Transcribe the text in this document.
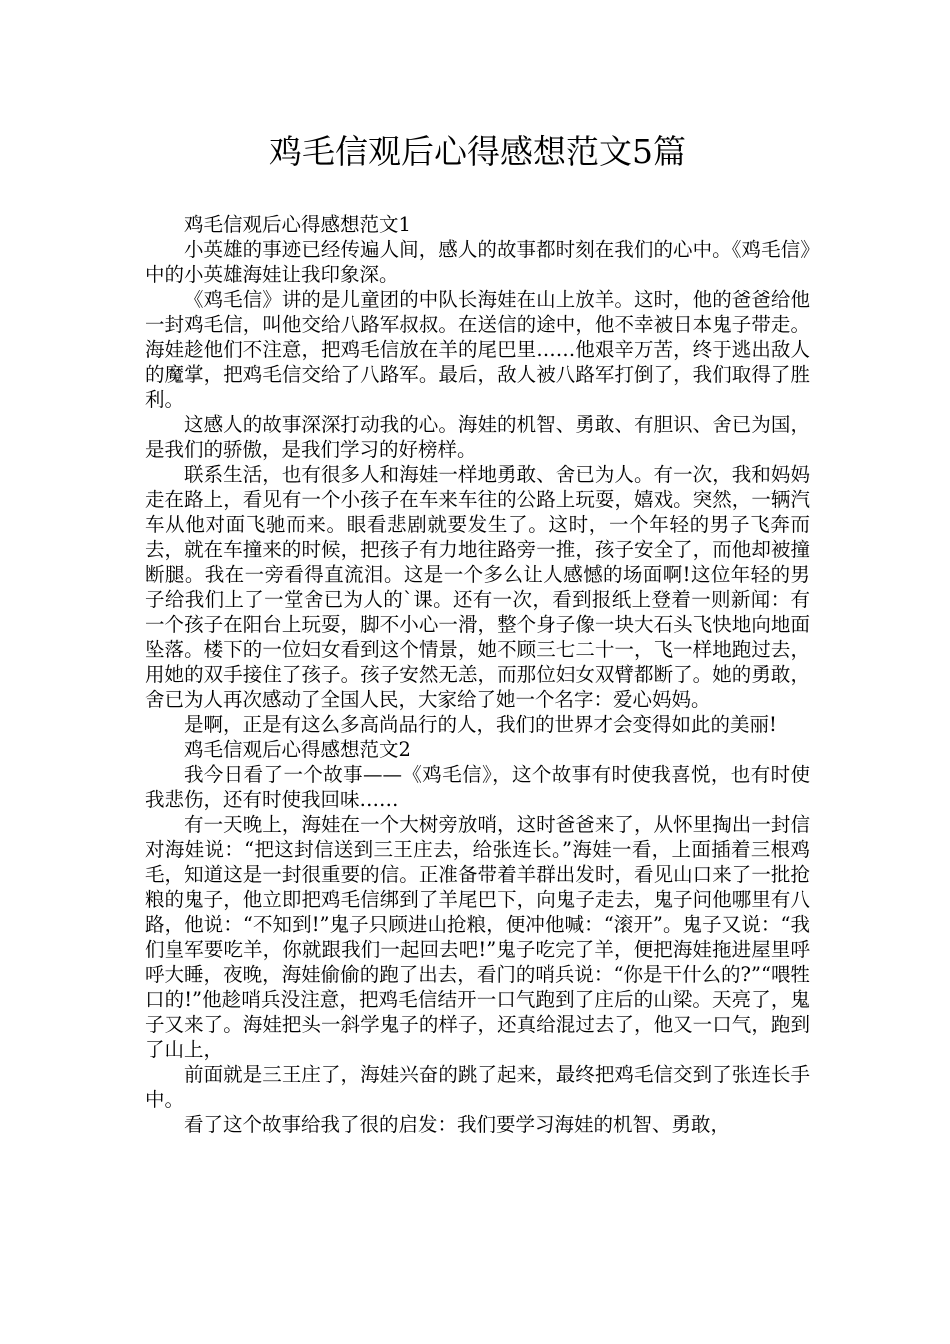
鸡毛信观后心得感想范文5篇

鸡毛信观后心得感想范文1

小英雄的事迹已经传遍人间，感人的故事都时刻在我们的心中。《鸡毛信》中的小英雄海娃让我印象深。

《鸡毛信》讲的是儿童团的中队长海娃在山上放羊。这时，他的爸爸给他一封鸡毛信，叫他交给八路军叔叔。在送信的途中，他不幸被日本鬼子带走。海娃趁他们不注意，把鸡毛信放在羊的尾巴里……他艰辛万苦，终于逃出敌人的魔掌，把鸡毛信交给了八路军。最后，敌人被八路军打倒了，我们取得了胜利。

这感人的故事深深打动我的心。海娃的机智、勇敢、有胆识、舍已为国，是我们的骄傲，是我们学习的好榜样。

联系生活，也有很多人和海娃一样地勇敢、舍已为人。有一次，我和妈妈走在路上，看见有一个小孩子在车来车往的公路上玩耍，嬉戏。突然，一辆汽车从他对面飞驰而来。眼看悲剧就要发生了。这时，一个年轻的男子飞奔而去，就在车撞来的时候，把孩子有力地往路旁一推，孩子安全了，而他却被撞断腿。我在一旁看得直流泪。这是一个多么让人感憾的场面啊!这位年轻的男子给我们上了一堂舍已为人的`课。还有一次，看到报纸上登着一则新闻：有一个孩子在阳台上玩耍，脚不小心一滑，整个身子像一块大石头飞快地向地面坠落。楼下的一位妇女看到这个情景，她不顾三七二十一，飞一样地跑过去，用她的双手接住了孩子。孩子安然无恙，而那位妇女双臂都断了。她的勇敢，舍已为人再次感动了全国人民，大家给了她一个名字：爱心妈妈。

是啊，正是有这么多高尚品行的人，我们的世界才会变得如此的美丽!

鸡毛信观后心得感想范文2

我今日看了一个故事——《鸡毛信》，这个故事有时使我喜悦，也有时使我悲伤，还有时使我回味……

有一天晚上，海娃在一个大树旁放哨，这时爸爸来了，从怀里掏出一封信对海娃说：“把这封信送到三王庄去，给张连长。”海娃一看，上面插着三根鸡毛，知道这是一封很重要的信。正准备带着羊群出发时，看见山口来了一批抢粮的鬼子，他立即把鸡毛信绑到了羊尾巴下，向鬼子走去，鬼子问他哪里有八路，他说：“不知到!”鬼子只顾进山抢粮，便冲他喊：“滚开”。鬼子又说：“我们皇军要吃羊，你就跟我们一起回去吧!”鬼子吃完了羊，便把海娃拖进屋里呼呼大睡，夜晚，海娃偷偷的跑了出去，看门的哨兵说：“你是干什么的?”“喂牲口的!”他趁哨兵没注意，把鸡毛信结开一口气跑到了庄后的山梁。天亮了，鬼子又来了。海娃把头一斜学鬼子的样子，还真给混过去了，他又一口气，跑到了山上，

前面就是三王庄了，海娃兴奋的跳了起来，最终把鸡毛信交到了张连长手中。

看了这个故事给我了很的启发：我们要学习海娃的机智、勇敢，
